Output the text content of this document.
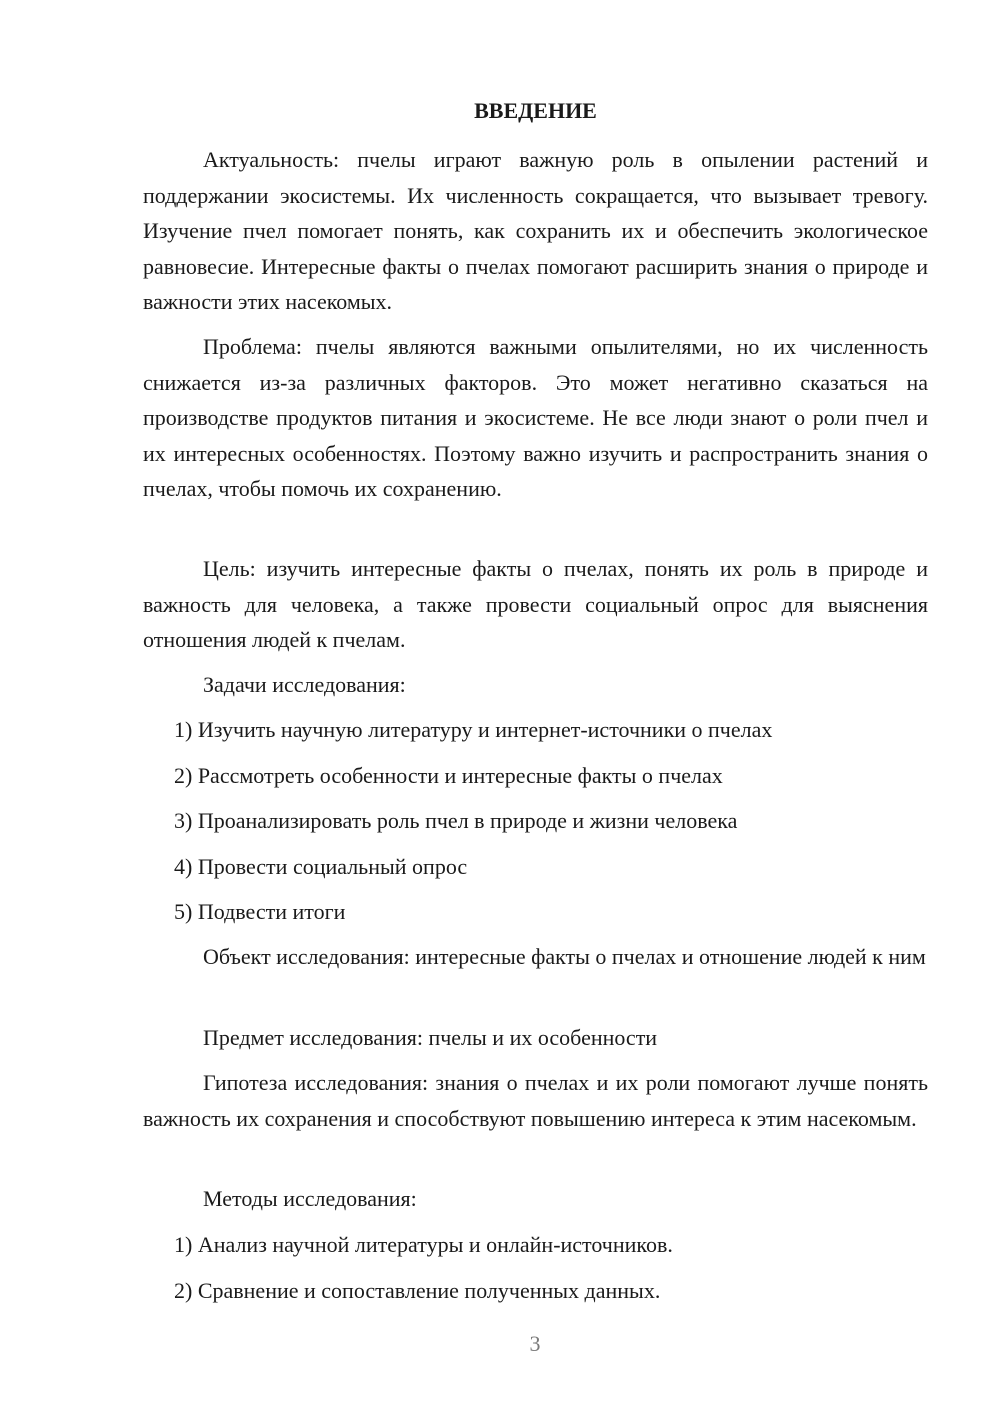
ВВЕДЕНИЕ

Актуальность: пчелы играют важную роль в опылении растений и поддержании экосистемы. Их численность сокращается, что вызывает тревогу. Изучение пчел помогает понять, как сохранить их и обеспечить экологическое равновесие. Интересные факты о пчелах помогают расширить знания о природе и важности этих насекомых.

Проблема: пчелы являются важными опылителями, но их численность снижается из-за различных факторов. Это может негативно сказаться на производстве продуктов питания и экосистеме. Не все люди знают о роли пчел и их интересных особенностях. Поэтому важно изучить и распространить знания о пчелах, чтобы помочь их сохранению.

Цель: изучить интересные факты о пчелах, понять их роль в природе и важность для человека, а также провести социальный опрос для выяснения отношения людей к пчелам.

Задачи исследования:

1) Изучить научную литературу и интернет-источники о пчелах

2) Рассмотреть особенности и интересные факты о пчелах

3) Проанализировать роль пчел в природе и жизни человека

4) Провести социальный опрос

5) Подвести итоги

Объект исследования: интересные факты о пчелах и отношение людей к ним

Предмет исследования: пчелы и их особенности

Гипотеза исследования: знания о пчелах и их роли помогают лучше понять важность их сохранения и способствуют повышению интереса к этим насекомым.

Методы исследования:

1) Анализ научной литературы и онлайн-источников.

2) Сравнение и сопоставление полученных данных.

3
